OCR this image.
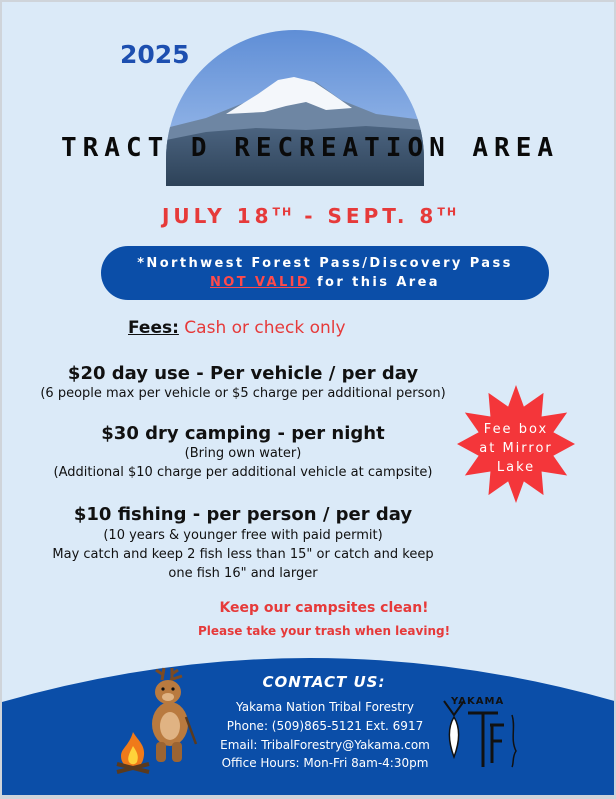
2025
TRACT D RECREATION AREA
JULY 18TH - SEPT. 8TH
*Northwest Forest Pass/Discovery Pass
NOT VALID for this Area
Fees: Cash or check only
$20 day use - Per vehicle / per day
(6 people max per vehicle or $5 charge per additional person)
$30 dry camping - per night
(Bring own water)
(Additional $10 charge per additional vehicle at campsite)
$10 fishing - per person / per day
(10 years & younger free with paid permit)
May catch and keep 2 fish less than 15" or catch and keep
one fish 16" and larger
Fee box
at Mirror
Lake
Keep our campsites clean!
Please take your trash when leaving!
CONTACT US:
Yakama Nation Tribal Forestry
Phone: (509)865-5121 Ext. 6917
Email: TribalForestry@Yakama.com
Office Hours: Mon-Fri 8am-4:30pm
YAKAMA
